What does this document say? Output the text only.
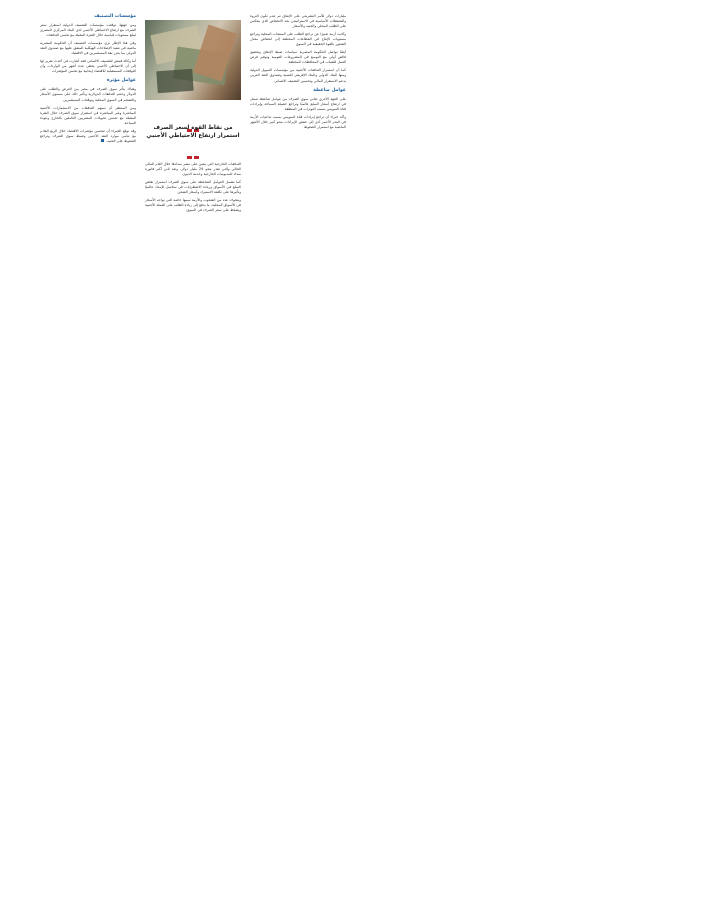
مليارات دولار للأمر التشريعي على الإنفاق تم عدم تكون الثروة والتحفظات الأساسية في الاستراتيجي بحد الانخفاض الذي ينعكس على الطلب المحلي والجنيه والأسعار

وكانت أزمة تعبيرًا عن تراجع الطلب على المنتجات المحلية وتراجع مستويات الإنتاج في القطاعات المختلفة إلى انخفاض معدل الشعور بالقوة الحقيقية في السوق

أيضًا تواصل الحكومة المصرية سياسات ضبط الإنفاق وتحقيق فائض أولي مع التوسع في المشروعات القومية وتوفير فرص العمل للشباب في المحافظات المختلفة

كما أن استمرار التدفقات الأجنبية من مؤسسات التمويل الدولية ومنها البنك الدولي والبنك الإفريقي للتنمية وصندوق النقد العربي يدعم الاستقرار المالي وتحسين التصنيف الائتماني

عوامل ضاغطة

على الجهة الأخرى تعاني سوق الصرف من عوامل ضاغطة تتمثل في ارتفاع أسعار السلع عالميًا وتراجع حصيلة السياحة وإيرادات قناة السويس بسبب التوترات في المنطقة

وأكد خبراء أن تراجع إيرادات قناة السويس بسبب تداعيات الأزمة في البحر الأحمر أدى إلى خفض الإيرادات بنحو كبير خلال الأشهر الماضية مع استمرار الضغوط

من نقاط القوة لسعر الصرف
استمرار ارتفاع الاحتياطي الأجنبي

التدفقات الخارجية التي يتعين على مصر سدادها خلال العام المالي الحالي والتي تقدر بنحو 29 مليار دولار، وتعد ثاني أكبر فاتورة سداد للمديونيات الخارجية وخدمة الديون

كما تشمل العوامل الضاغطة على سوق الصرف استمرار تقلص السلع في الأسواق وزيادة الاضطرابات في سلاسل الإمداد عالميًا وتأثيرها على تكلفة الاستيراد وأسعار الشحن

ويتخوف عدد من الشعوب والأزمة سببها خاصة التي تواجه الأسعار في الأسواق المحلية، ما يدفع إلى زيادة الطلب على العملة الأجنبية ويضغط على سعر الصرف في السوق

مؤسسات التصنيف

ومن جهتها، توقعت مؤسسات التصنيف الدولية استقرار سعر الصرف مع ارتفاع الاحتياطي الأجنبي لدى البنك المركزي المصري ليبلغ مستويات قياسية خلال الفترة المقبلة مع تحسن التدفقات

وفي هذا الإطار ترى مؤسسات التصنيف أن الحكومة المصرية ماضية في تنفيذ الإصلاحات الهيكلية المتفق عليها مع صندوق النقد الدولي بما يعزز ثقة المستثمرين في الاقتصاد

أما وكالة فيتش للتصنيف الائتماني فقد أشارت في أحدث تقرير لها إلى أن الاحتياطي الأجنبي يغطي عدة أشهر من الواردات وأن التوقعات المستقبلية للاقتصاد إيجابية مع تحسن المؤشرات

عوامل مؤثرة

وهناك يتأثر سوق الصرف في مصر بين العرض والطلب على الدولار وحجم التدفقات الدولارية وتأثير ذلك على مستوى الأسعار والتضخم في السوق المحلية وتوقعات المستثمرين

ومن المنتظر أن تسهم التدفقات من الاستثمارات الأجنبية المباشرة وغير المباشرة في استقرار سوق الصرف خلال الفترة المقبلة مع تحسن تحويلات المصريين العاملين بالخارج وعودة السياحة

وقد توقع الخبراء أن تتحسن مؤشرات الاقتصاد خلال الربع القادم مع تنامي موارد النقد الأجنبي وضبط سوق الصرف وتراجع الضغوط على الجنيه.
